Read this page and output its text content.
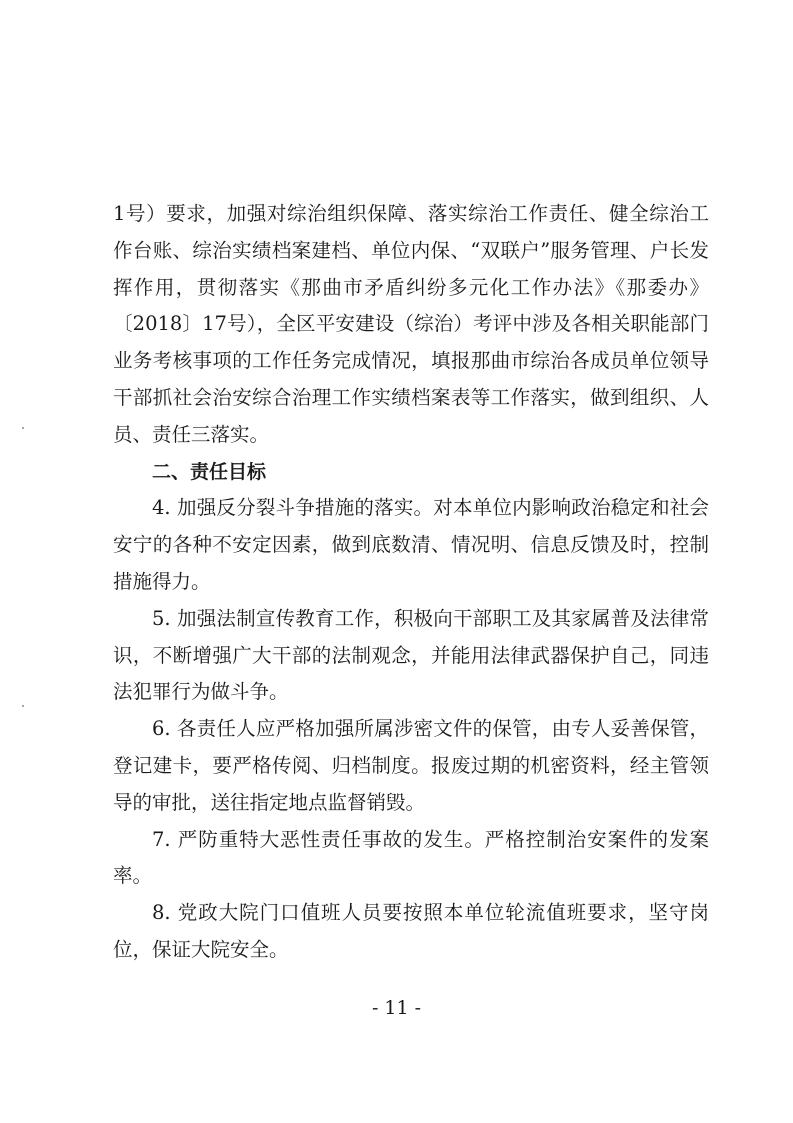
1号）要求，加强对综治组织保障、落实综治工作责任、健全综治工作台账、综治实绩档案建档、单位内保、“双联户”服务管理、户长发挥作用，贯彻落实《那曲市矛盾纠纷多元化工作办法》《那委办》〔2018〕17号），全区平安建设（综治）考评中涉及各相关职能部门业务考核事项的工作任务完成情况，填报那曲市综治各成员单位领导干部抓社会治安综合治理工作实绩档案表等工作落实，做到组织、人员、责任三落实。

二、责任目标

4. 加强反分裂斗争措施的落实。对本单位内影响政治稳定和社会安宁的各种不安定因素，做到底数清、情况明、信息反馈及时，控制措施得力。

5. 加强法制宣传教育工作，积极向干部职工及其家属普及法律常识，不断增强广大干部的法制观念，并能用法律武器保护自己，同违法犯罪行为做斗争。

6. 各责任人应严格加强所属涉密文件的保管，由专人妥善保管，登记建卡，要严格传阅、归档制度。报废过期的机密资料，经主管领导的审批，送往指定地点监督销毁。

7. 严防重特大恶性责任事故的发生。严格控制治安案件的发案率。

8. 党政大院门口值班人员要按照本单位轮流值班要求，坚守岗位，保证大院安全。

- 11 -
